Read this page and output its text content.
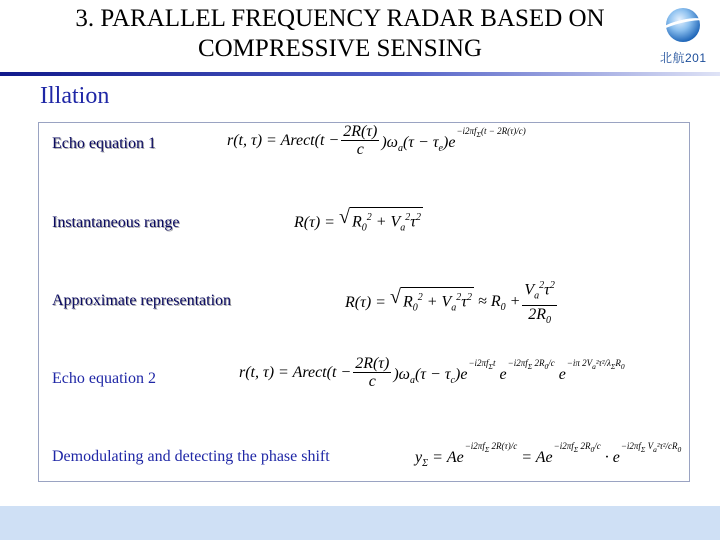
3. PARALLEL FREQUENCY RADAR BASED ON
COMPRESSIVE SENSING	北航201
Illation
Echo equation 1	r(t, τ) = Arect(t − $\frac{2R(\tau)}{c} )\omega_a(\tau - \tau_e)e^{-i2\pi f_\Sigma(t - 2R(\tau)/c)}$
Instantaneous range	R(τ) = √ $R_0^2 + V_a^2\tau^2$
Approximate representation	R(τ) = √ $R_0^2 + V_a^2\tau^2 \approx R_0 + \frac{V_a^2\tau^2}{2R_0}$
Echo equation 2	r(t, τ) = Arect(t − $\frac{2R(\tau)}{c} )\omega_a(\tau - \tau_c)e^{-i2\pi f_\Sigma t}$ $e^{-i2\pi f_\Sigma 2R_0/c}$ $e^{-i\pi 2V_a^2\tau^2/\lambda_\Sigma R_0}$
Demodulating and detecting the phase shift	$y_\Sigma = Ae^{-i2\pi f_\Sigma 2R(\tau)/c} = Ae^{-i2\pi f_\Sigma 2R_0/c} \cdot e^{-i2\pi f_\Sigma V_a^2\tau^2/cR_0}$
